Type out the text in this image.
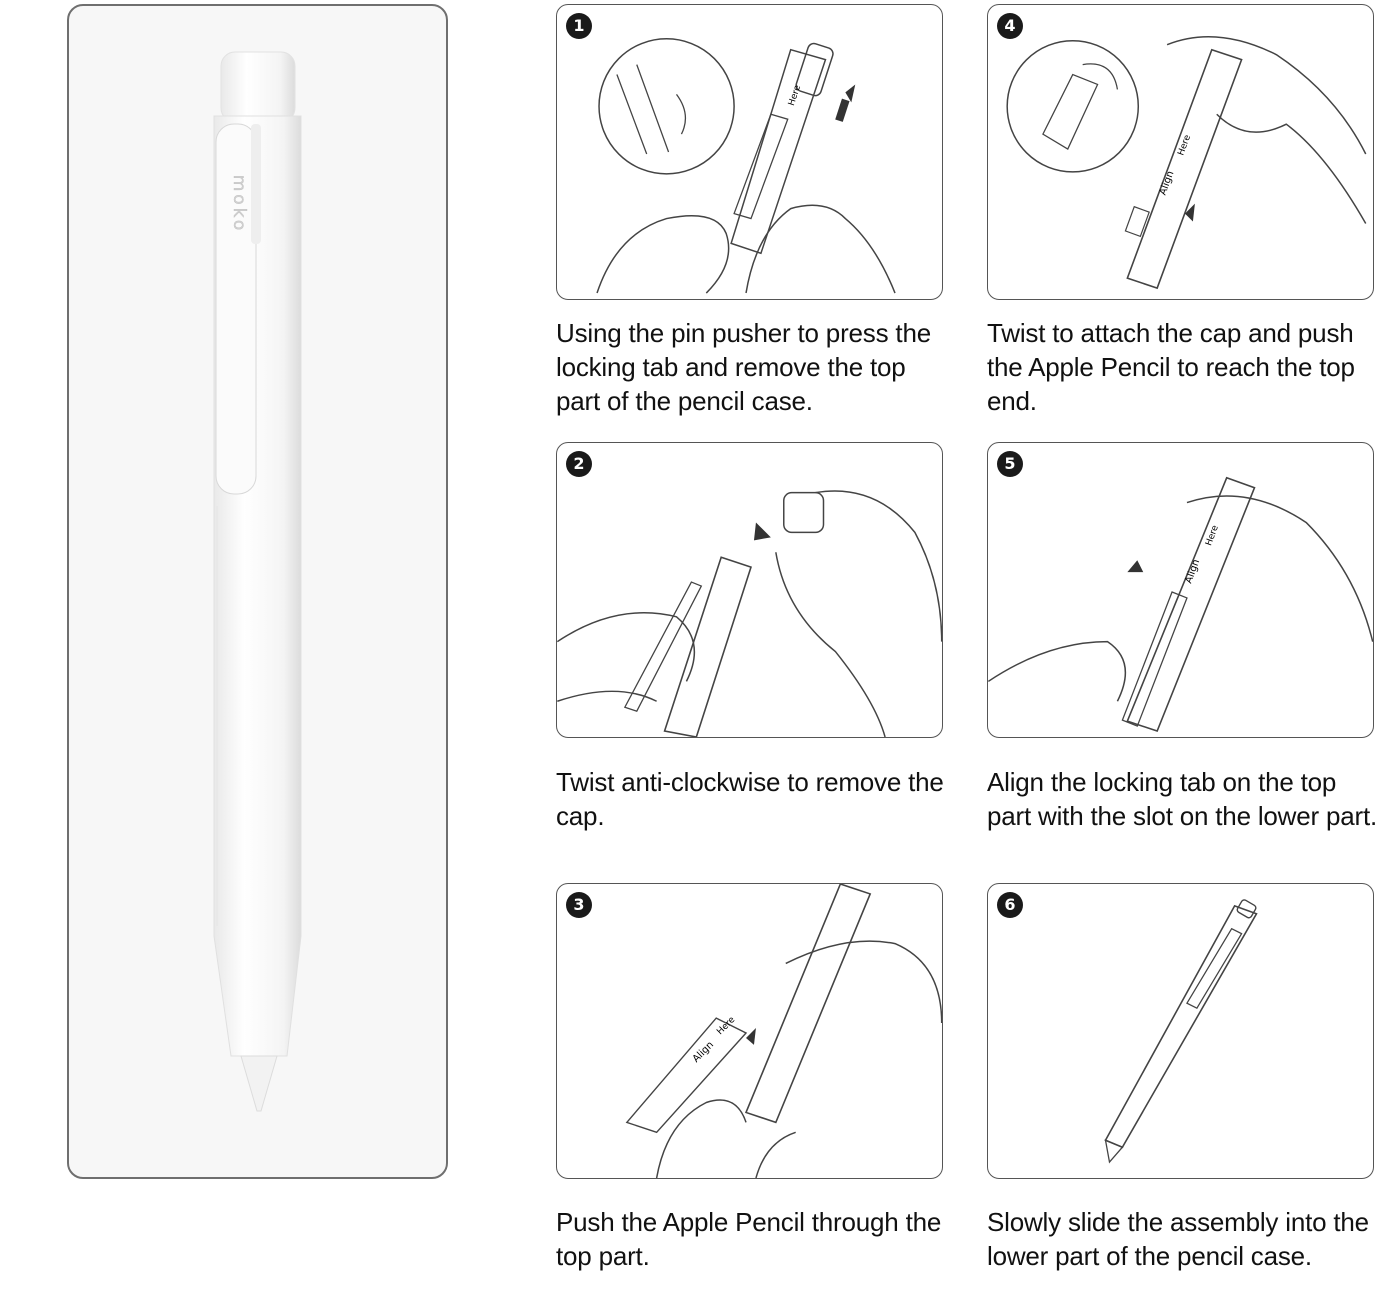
moko
1
Here
4
Align
Here
Using the pin pusher to press the locking tab and remove the top part of the pencil case.
Twist to attach the cap and push the Apple Pencil to reach the top end.
2	5
Align
Here
Twist anti-clockwise to remove the cap.
Align the locking tab on the top part with the slot on the lower part.
3
Align
Here
6
Push the Apple Pencil through the top part.
Slowly slide the assembly into the lower part of the pencil case.
